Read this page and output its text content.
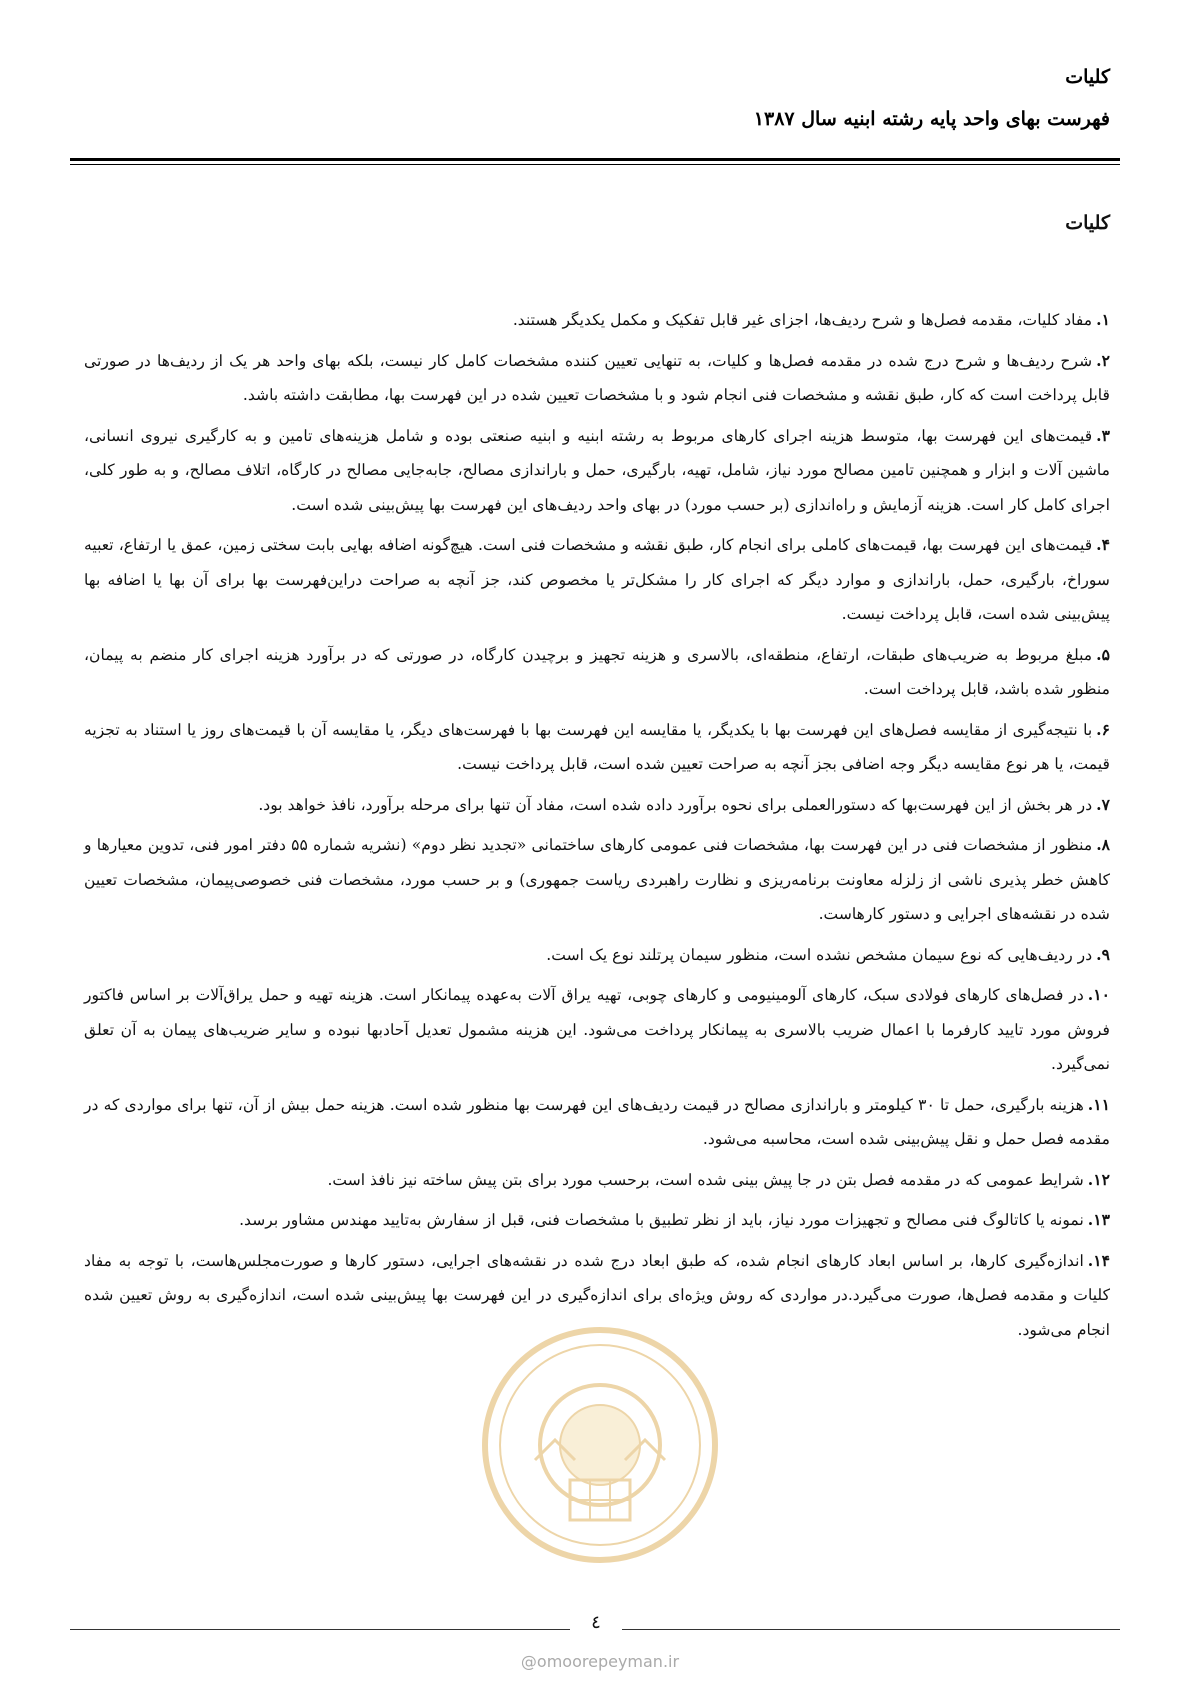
کلیات
فهرست بهای واحد پایه رشته ابنیه سال ۱۳۸۷
کلیات

۱.مفاد کلیات، مقدمه فصل‌ها و شرح ردیف‌ها، اجزای غیر قابل تفکیک و مکمل یکدیگر هستند.

۲.شرح ردیف‌ها و شرح درج شده در مقدمه فصل‌ها و کلیات، به تنهایی تعیین کننده مشخصات کامل کار نیست، بلکه بهای واحد هر یک از ردیف‌ها در صورتی قابل پرداخت است که کار، طبق نقشه و مشخصات فنی انجام شود و با مشخصات تعیین شده در این فهرست بها، مطابقت داشته باشد.

۳.قیمت‌های این فهرست بها، متوسط هزینه اجرای کارهای مربوط به رشته ابنیه و ابنیه صنعتی بوده و شامل هزینه‌های تامین و به کارگیری نیروی انسانی، ماشین آلات و ابزار و همچنین تامین مصالح مورد نیاز، شامل، تهیه، بارگیری، حمل و باراندازی مصالح، جابه‌جایی مصالح در کارگاه، اتلاف مصالح، و به طور کلی، اجرای کامل کار است. هزینه آزمایش و راه‌اندازی (بر حسب مورد) در بهای واحد ردیف‌های این فهرست بها پیش‌بینی شده است.

۴.قیمت‌های این فهرست بها، قیمت‌های کاملی برای انجام کار، طبق نقشه و مشخصات فنی است. هیچ‌گونه اضافه بهایی بابت سختی زمین، عمق یا ارتفاع، تعبیه سوراخ، بارگیری، حمل، باراندازی و موارد دیگر که اجرای کار را مشکل‌تر یا مخصوص کند، جز آنچه به صراحت دراین‌فهرست بها برای آن بها یا اضافه بها پیش‌بینی شده است، قابل پرداخت نیست.

۵.مبلغ مربوط به ضریب‌های طبقات، ارتفاع، منطقه‌ای، بالاسری و هزینه تجهیز و برچیدن کارگاه، در صورتی که در برآورد هزینه اجرای کار منضم به پیمان، منظور شده باشد، قابل پرداخت است.

۶.با نتیجه‌گیری از مقایسه فصل‌های این فهرست بها با یکدیگر، یا مقایسه این فهرست بها با فهرست‌های دیگر، یا مقایسه آن با قیمت‌های روز یا استناد به تجزیه قیمت، یا هر نوع مقایسه دیگر وجه اضافی بجز آنچه به صراحت تعیین شده است، قابل پرداخت نیست.

۷.در هر بخش از این فهرست‌بها که دستورالعملی برای نحوه برآورد داده شده است، مفاد آن تنها برای مرحله برآورد، نافذ خواهد بود.

۸.منظور از مشخصات فنی در این فهرست بها، مشخصات فنی عمومی کارهای ساختمانی «تجدید نظر دوم» (نشریه شماره ۵۵ دفتر امور فنی، تدوین معیارها و کاهش خطر پذیری ناشی از زلزله معاونت برنامه‌ریزی و نظارت راهبردی ریاست جمهوری) و بر حسب مورد، مشخصات فنی خصوصی‌پیمان، مشخصات تعیین شده در نقشه‌های اجرایی و دستور کارهاست.

۹.در ردیف‌هایی که نوع سیمان مشخص نشده است، منظور سیمان پرتلند نوع یک است.

۱۰.در فصل‌های کارهای فولادی سبک، کارهای آلومینیومی و کارهای چوبی، تهیه یراق آلات به‌عهده پیمانکار است. هزینه تهیه و حمل یراق‌آلات بر اساس فاکتور فروش مورد تایید کارفرما با اعمال ضریب بالاسری به پیمانکار پرداخت می‌شود. این هزینه مشمول تعدیل آحادبها نبوده و سایر ضریب‌های پیمان به آن تعلق نمی‌گیرد.

۱۱.هزینه بارگیری، حمل تا ۳۰ کیلومتر و باراندازی مصالح در قیمت ردیف‌های این فهرست بها منظور شده است. هزینه حمل بیش از آن، تنها برای مواردی که در مقدمه فصل حمل و نقل پیش‌بینی شده است، محاسبه می‌شود.

۱۲.شرایط عمومی که در مقدمه فصل بتن در جا پیش بینی شده است، برحسب مورد برای بتن پیش ساخته نیز نافذ است.

۱۳.نمونه یا کاتالوگ فنی مصالح و تجهیزات مورد نیاز، باید از نظر تطبیق با مشخصات فنی، قبل از سفارش به‌تایید مهندس مشاور برسد.

۱۴.اندازه‌گیری کارها، بر اساس ابعاد کارهای انجام شده، که طبق ابعاد درج شده در نقشه‌های اجرایی، دستور کارها و صورت‌مجلس‌هاست، با توجه به مفاد کلیات و مقدمه فصل‌ها، صورت می‌گیرد.در مواردی که روش ویژه‌ای برای اندازه‌گیری در این فهرست بها پیش‌بینی شده است، اندازه‌گیری به روش تعیین شده انجام می‌شود.

٤
@omoorepeyman.ir
